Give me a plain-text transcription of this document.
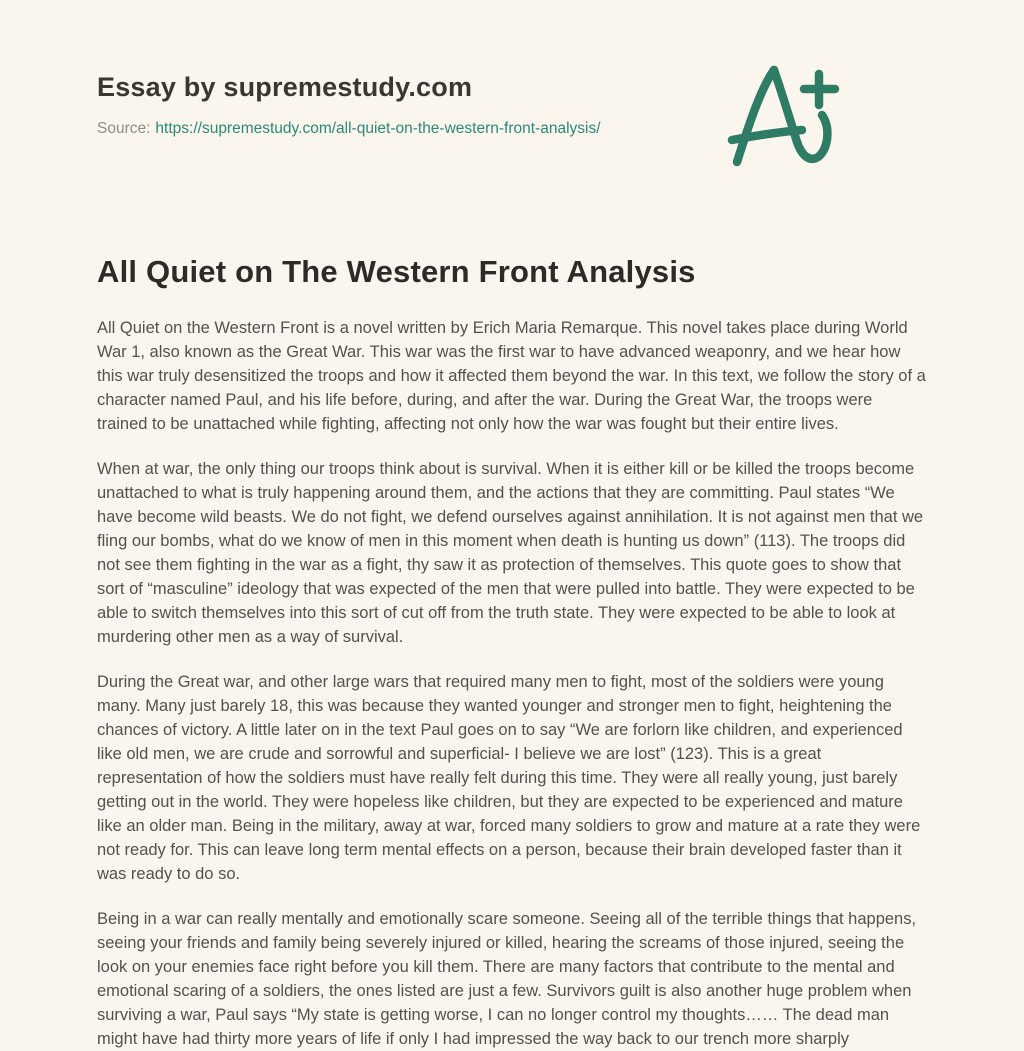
Essay by supremestudy.com
Source: https://supremestudy.com/all-quiet-on-the-western-front-analysis/
All Quiet on The Western Front Analysis

All Quiet on the Western Front is a novel written by Erich Maria Remarque. This novel takes place during World War 1, also known as the Great War. This war was the first war to have advanced weaponry, and we hear how this war truly desensitized the troops and how it affected them beyond the war. In this text, we follow the story of a character named Paul, and his life before, during, and after the war. During the Great War, the troops were trained to be unattached while fighting, affecting not only how the war was fought but their entire lives.

When at war, the only thing our troops think about is survival. When it is either kill or be killed the troops become unattached to what is truly happening around them, and the actions that they are committing. Paul states “We have become wild beasts. We do not fight, we defend ourselves against annihilation. It is not against men that we fling our bombs, what do we know of men in this moment when death is hunting us down” (113). The troops did not see them fighting in the war as a fight, thy saw it as protection of themselves. This quote goes to show that sort of “masculine” ideology that was expected of the men that were pulled into battle. They were expected to be able to switch themselves into this sort of cut off from the truth state. They were expected to be able to look at murdering other men as a way of survival.

During the Great war, and other large wars that required many men to fight, most of the soldiers were young many. Many just barely 18, this was because they wanted younger and stronger men to fight, heightening the chances of victory. A little later on in the text Paul goes on to say “We are forlorn like children, and experienced like old men, we are crude and sorrowful and superficial- I believe we are lost” (123). This is a great representation of how the soldiers must have really felt during this time. They were all really young, just barely getting out in the world. They were hopeless like children, but they are expected to be experienced and mature like an older man. Being in the military, away at war, forced many soldiers to grow and mature at a rate they were not ready for. This can leave long term mental effects on a person, because their brain developed faster than it was ready to do so.

Being in a war can really mentally and emotionally scare someone. Seeing all of the terrible things that happens, seeing your friends and family being severely injured or killed, hearing the screams of those injured, seeing the look on your enemies face right before you kill them. There are many factors that contribute to the mental and emotional scaring of a soldiers, the ones listed are just a few. Survivors guilt is also another huge problem when surviving a war, Paul says “My state is getting worse, I can no longer control my thoughts…… The dead man might have had thirty more years of life if only I had impressed the way back to our trench more sharply
